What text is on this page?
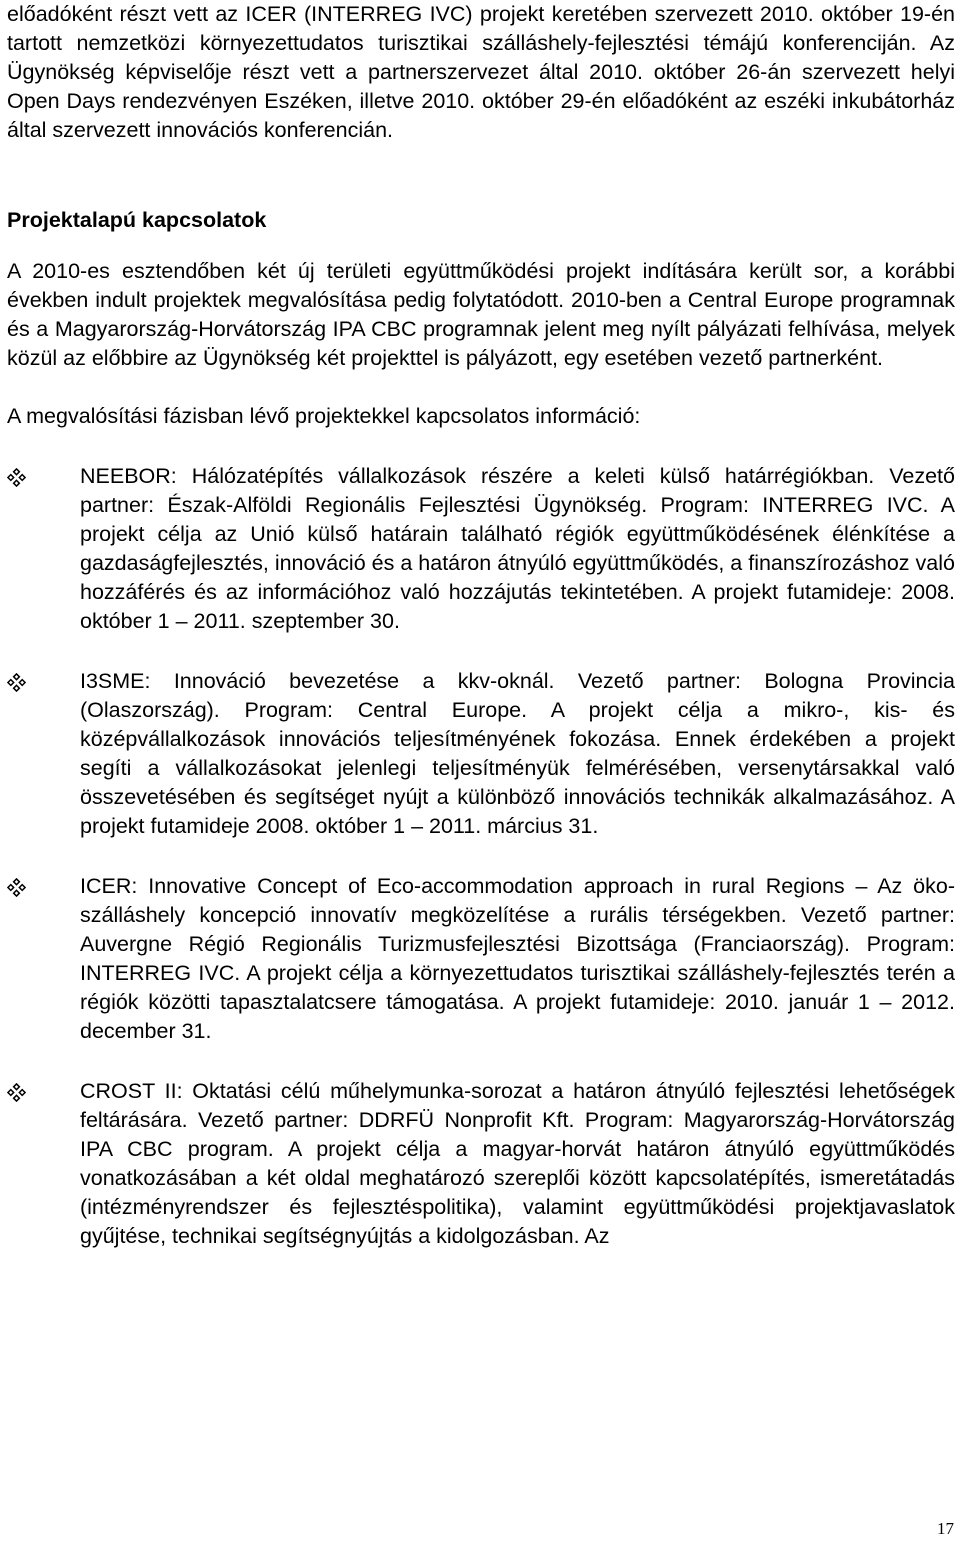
előadóként részt vett az ICER (INTERREG IVC) projekt keretében szervezett 2010. október 19-én tartott nemzetközi környezettudatos turisztikai szálláshely-fejlesztési témájú konferenciján. Az Ügynökség képviselője részt vett a partnerszervezet által 2010. október 26-án szervezett helyi Open Days rendezvényen Eszéken, illetve 2010. október 29-én előadóként az eszéki inkubátorház által szervezett innovációs konferencián.

Projektalapú kapcsolatok

A 2010-es esztendőben két új területi együttműködési projekt indítására került sor, a korábbi években indult projektek megvalósítása pedig folytatódott. 2010-ben a Central Europe programnak és a Magyarország-Horvátország IPA CBC programnak jelent meg nyílt pályázati felhívása, melyek közül az előbbire az Ügynökség két projekttel is pályázott, egy esetében vezető partnerként.

A megvalósítási fázisban lévő projektekkel kapcsolatos információ:

NEEBOR: Hálózatépítés vállalkozások részére a keleti külső határrégiókban. Vezető partner: Észak-Alföldi Regionális Fejlesztési Ügynökség. Program: INTERREG IVC. A projekt célja az Unió külső határain található régiók együttműködésének élénkítése a gazdaságfejlesztés, innováció és a határon átnyúló együttműködés, a finanszírozáshoz való hozzáférés és az információhoz való hozzájutás tekintetében. A projekt futamideje: 2008. október 1 – 2011. szeptember 30.
I3SME: Innováció bevezetése a kkv-oknál. Vezető partner: Bologna Provincia (Olaszország). Program: Central Europe. A projekt célja a mikro-, kis- és középvállalkozások innovációs teljesítményének fokozása. Ennek érdekében a projekt segíti a vállalkozásokat jelenlegi teljesítményük felmérésében, versenytársakkal való összevetésében és segítséget nyújt a különböző innovációs technikák alkalmazásához. A projekt futamideje 2008. október 1 – 2011. március 31.
ICER: Innovative Concept of Eco-accommodation approach in rural Regions – Az öko-szálláshely koncepció innovatív megközelítése a rurális térségekben. Vezető partner: Auvergne Régió Regionális Turizmusfejlesztési Bizottsága (Franciaország). Program: INTERREG IVC. A projekt célja a környezettudatos turisztikai szálláshely-fejlesztés terén a régiók közötti tapasztalatcsere támogatása. A projekt futamideje: 2010. január 1 – 2012. december 31.
CROST II: Oktatási célú műhelymunka-sorozat a határon átnyúló fejlesztési lehetőségek feltárására. Vezető partner: DDRFÜ Nonprofit Kft. Program: Magyarország-Horvátország IPA CBC program. A projekt célja a magyar-horvát határon átnyúló együttműködés vonatkozásában a két oldal meghatározó szereplői között kapcsolatépítés, ismeretátadás (intézményrendszer és fejlesztéspolitika), valamint együttműködési projektjavaslatok gyűjtése, technikai segítségnyújtás a kidolgozásban. Az
17
